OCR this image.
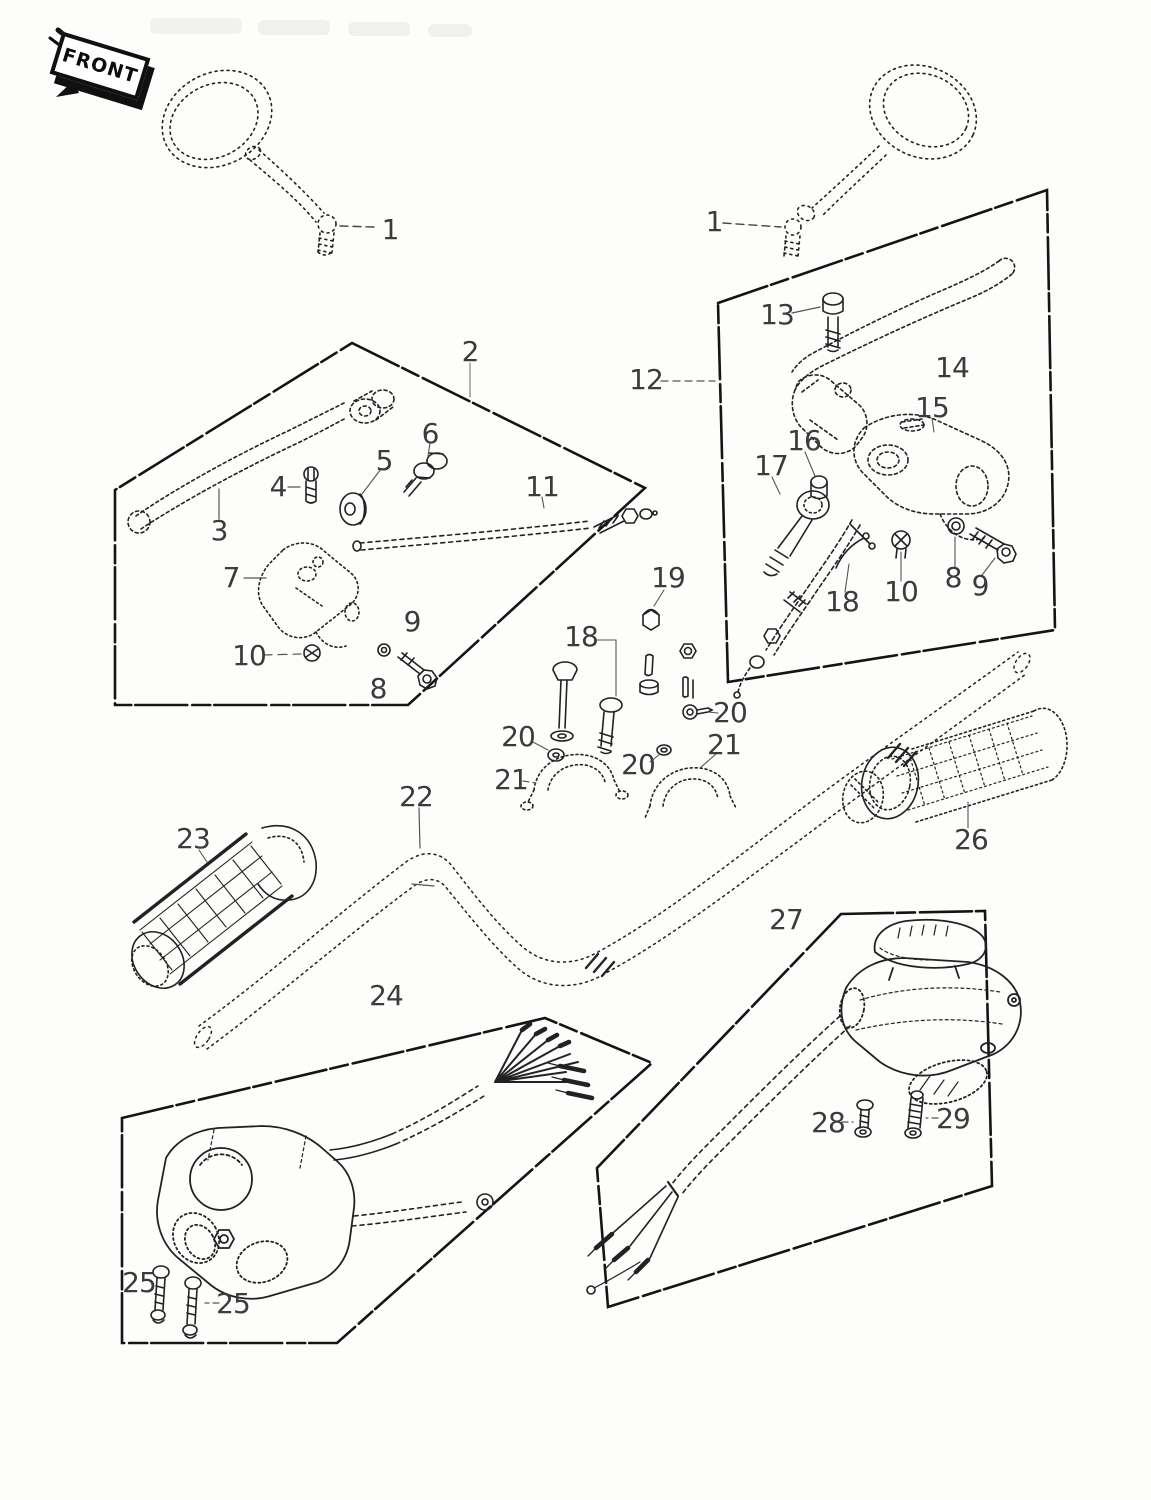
FRONT
1	1
2
3
4
5
6
7
9
8
10
11
12
13
14
15
16
17
18 10 8 9
19
18
20
20
21
20
21
22
23
24
25
25
26
27
28	29
